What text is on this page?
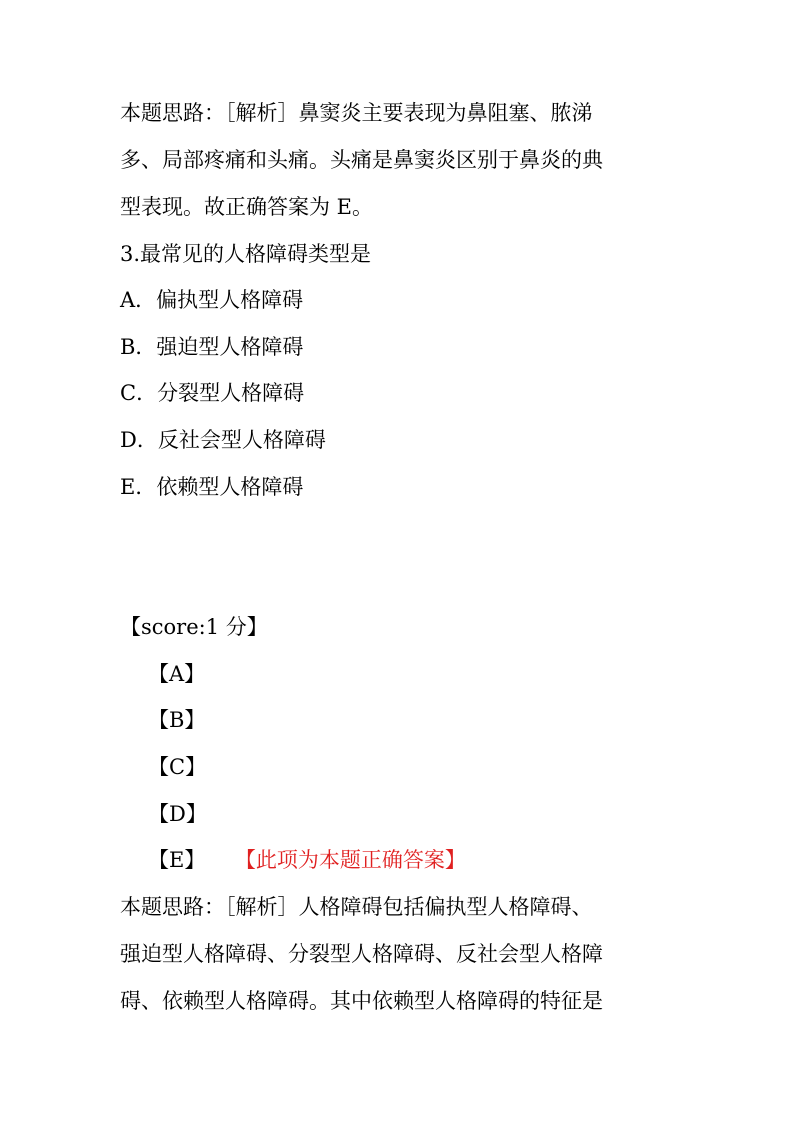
本题思路：［解析］鼻窦炎主要表现为鼻阻塞、脓涕
多、局部疼痛和头痛。头痛是鼻窦炎区别于鼻炎的典
型表现。故正确答案为 E。
3.最常见的人格障碍类型是
A．偏执型人格障碍
B．强迫型人格障碍
C．分裂型人格障碍
D．反社会型人格障碍
E．依赖型人格障碍
【score:1 分】
【A】
【B】
【C】
【D】
【E】 【此项为本题正确答案】
本题思路：［解析］人格障碍包括偏执型人格障碍、
强迫型人格障碍、分裂型人格障碍、反社会型人格障
碍、依赖型人格障碍。其中依赖型人格障碍的特征是
